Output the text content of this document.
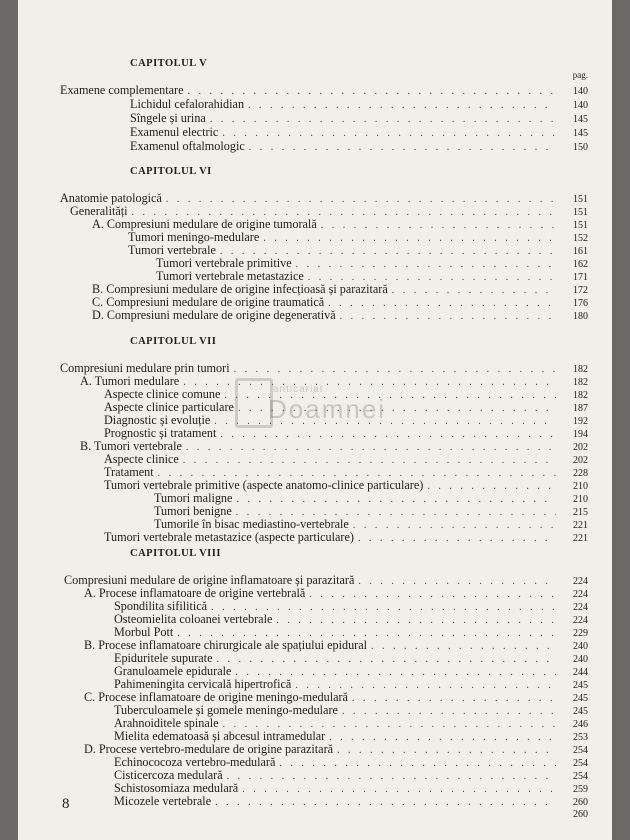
CAPITOLUL V
pag.
Examene complementare . . .	140
Lichidul cefalorahidian . . .	140
Sîngele și urina . . .	145
Examenul electric . . .	145
Examenul oftalmologic . . .	150
CAPITOLUL VI
Anatomie patologică . . .	151
Generalități . . .	151
A. Compresiuni medulare de origine tumorală . . .	151
Tumori meningo-medulare . . .	152
Tumori vertebrale . . .	161
Tumori vertebrale primitive . . .	162
Tumori vertebrale metastazice . . .	171
B. Compresiuni medulare de origine infecțioasă și parazitară . . .	172
C. Compresiuni medulare de origine traumatică . . .	176
D. Compresiuni medulare de origine degenerativă . . .	180
CAPITOLUL VII
Compresiuni medulare prin tumori . . .	182
A. Tumori medulare . . .	182
Aspecte clinice comune . . .	182
Aspecte clinice particulare . . .	187
Diagnostic și evoluție . . .	192
Prognostic și tratament . . .	194
B. Tumori vertebrale . . .	202
Aspecte clinice . . .	202
Tratament . . .	228
Tumori vertebrale primitive (aspecte anatomo-clinice particulare) . . .	210
Tumori maligne . . .	210
Tumori benigne . . .	215
Tumorile în bisac mediastino-vertebrale . . .	221
Tumori vertebrale metastazice (aspecte particulare) . . .	221
CAPITOLUL VIII
Compresiuni medulare de origine inflamatoare și parazitară . . .	224
A. Procese inflamatoare de origine vertebrală . . .	224
Spondilita sifilitică . . .	224
Osteomielita coloanei vertebrale . . .	224
Morbul Pott . . .	229
B. Procese inflamatoare chirurgicale ale spațiului epidural . . .	240
Epiduritele supurate . . .	240
Granuloamele epidurale . . .	244
Pahimeningita cervicală hipertrofică . . .	245
C. Procese inflamatoare de origine meningo-medulară . . .	245
Tuberculoamele și gomele meningo-medulare . . .	245
Arahnoiditele spinale . . .	246
Mielita edematoasă și abcesul intramedular . . .	253
D. Procese vertebro-medulare de origine parazitară . . .	254
Echinococoza vertebro-medulară . . .	254
Cisticercoza medulară . . .	254
Schistosomiaza medulară . . .	259
Micozele vertebrale . . .	260
260
anticariat
Doamnei
8
